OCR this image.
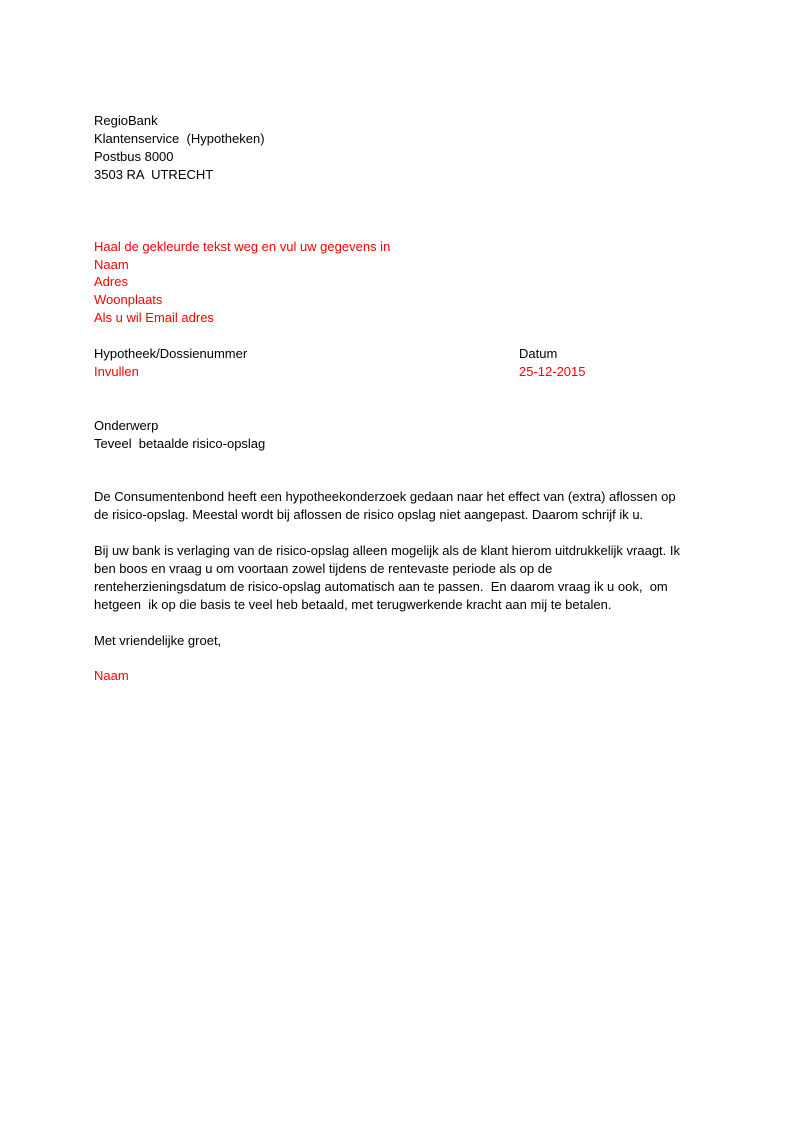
RegioBank
Klantenservice  (Hypotheken)
Postbus 8000
3503 RA  UTRECHT
Haal de gekleurde tekst weg en vul uw gegevens in
Naam
Adres
Woonplaats
Als u wil Email adres
Hypotheek/Dossienummer	Datum
Invullen	25-12-2015
Onderwerp
Teveel  betaalde risico-opslag
De Consumentenbond heeft een hypotheekonderzoek gedaan naar het effect van (extra) aflossen op
de risico-opslag. Meestal wordt bij aflossen de risico opslag niet aangepast. Daarom schrijf ik u.
Bij uw bank is verlaging van de risico-opslag alleen mogelijk als de klant hierom uitdrukkelijk vraagt. Ik
ben boos en vraag u om voortaan zowel tijdens de rentevaste periode als op de
renteherzieningsdatum de risico-opslag automatisch aan te passen.  En daarom vraag ik u ook,  om
hetgeen  ik op die basis te veel heb betaald, met terugwerkende kracht aan mij te betalen.
Met vriendelijke groet,
Naam
